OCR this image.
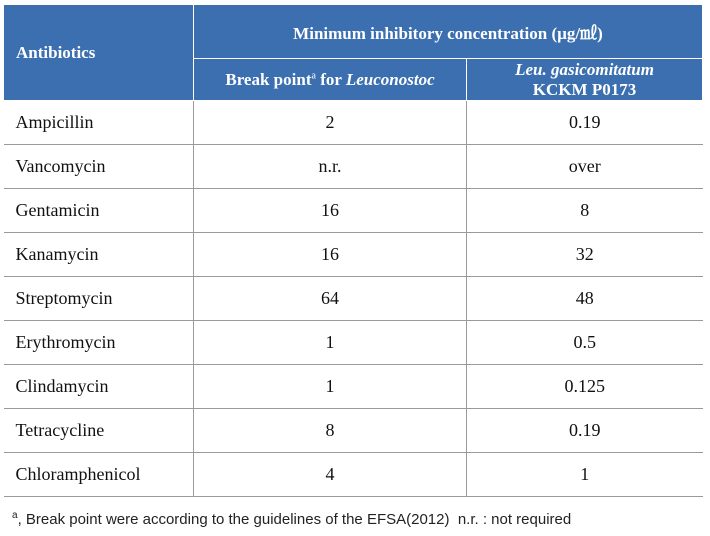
Antibiotics	Minimum inhibitory concentration (µg/㎖)	
	Break point$^a$ for Leuconostoc	Leu. gasicomitatum
KCKM P0173

Ampicillin	2	0.19
Vancomycin	n.r.	over
Gentamicin	16	8
Kanamycin	16	32
Streptomycin	64	48
Erythromycin	1	0.5
Clindamycin	1	0.125
Tetracycline	8	0.19
Chloramphenicol	4	1
$^a$, Break point were according to the guidelines of the EFSA(2012)  n.r. : not required
